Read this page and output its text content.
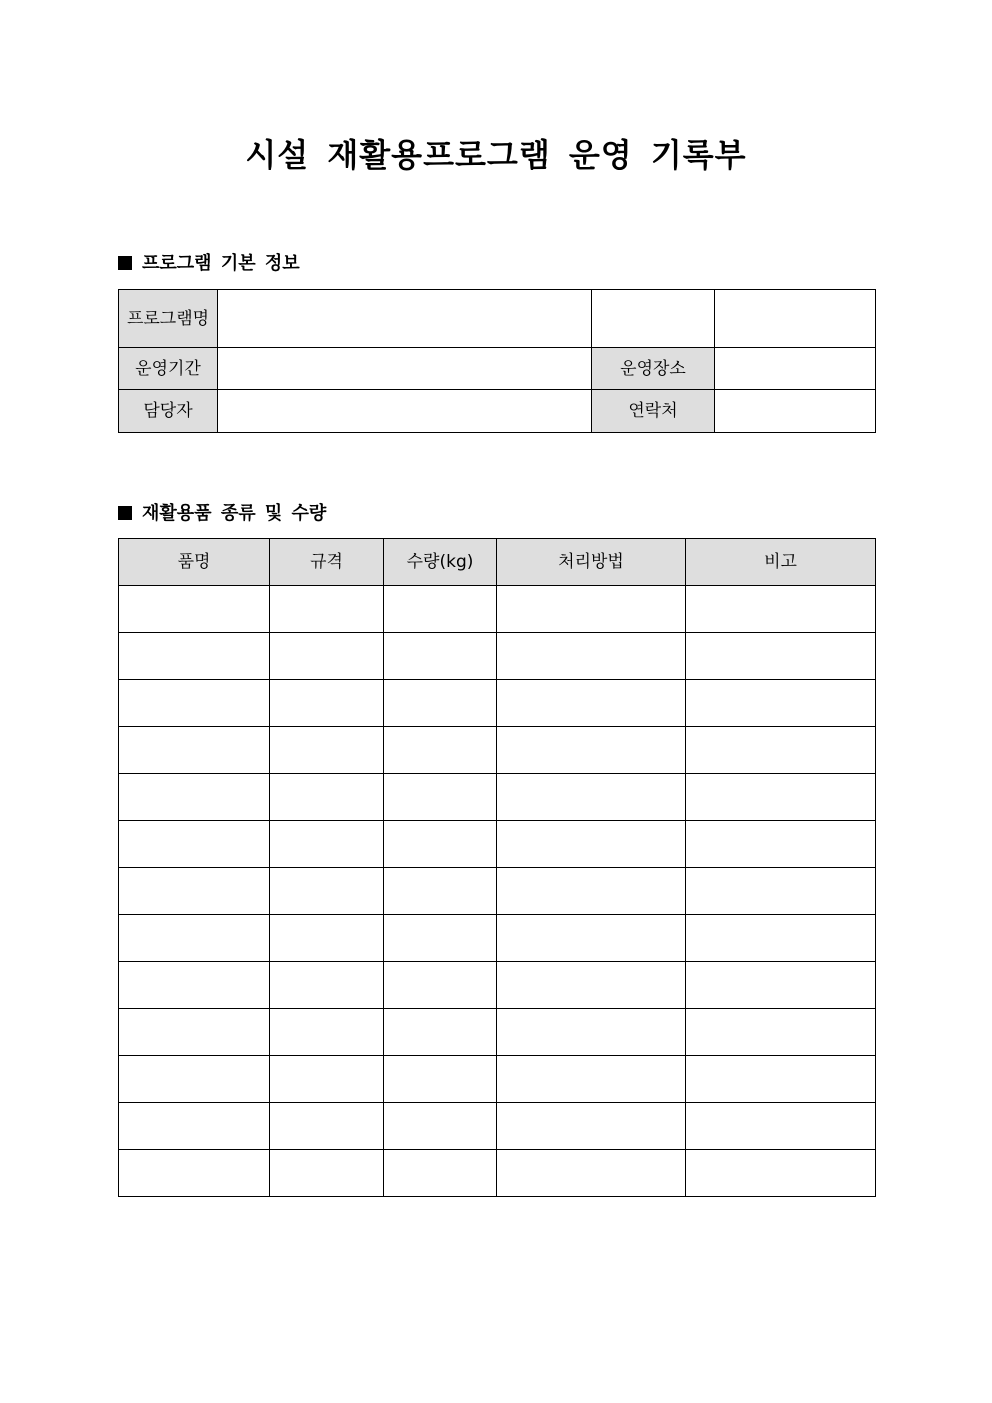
시설 재활용프로그램 운영 기록부
프로그램 기본 정보
프로그램명			
운영기간		운영장소	
담당자		연락처	
재활용품 종류 및 수량
품명	규격	수량(kg)	처리방법	비고
